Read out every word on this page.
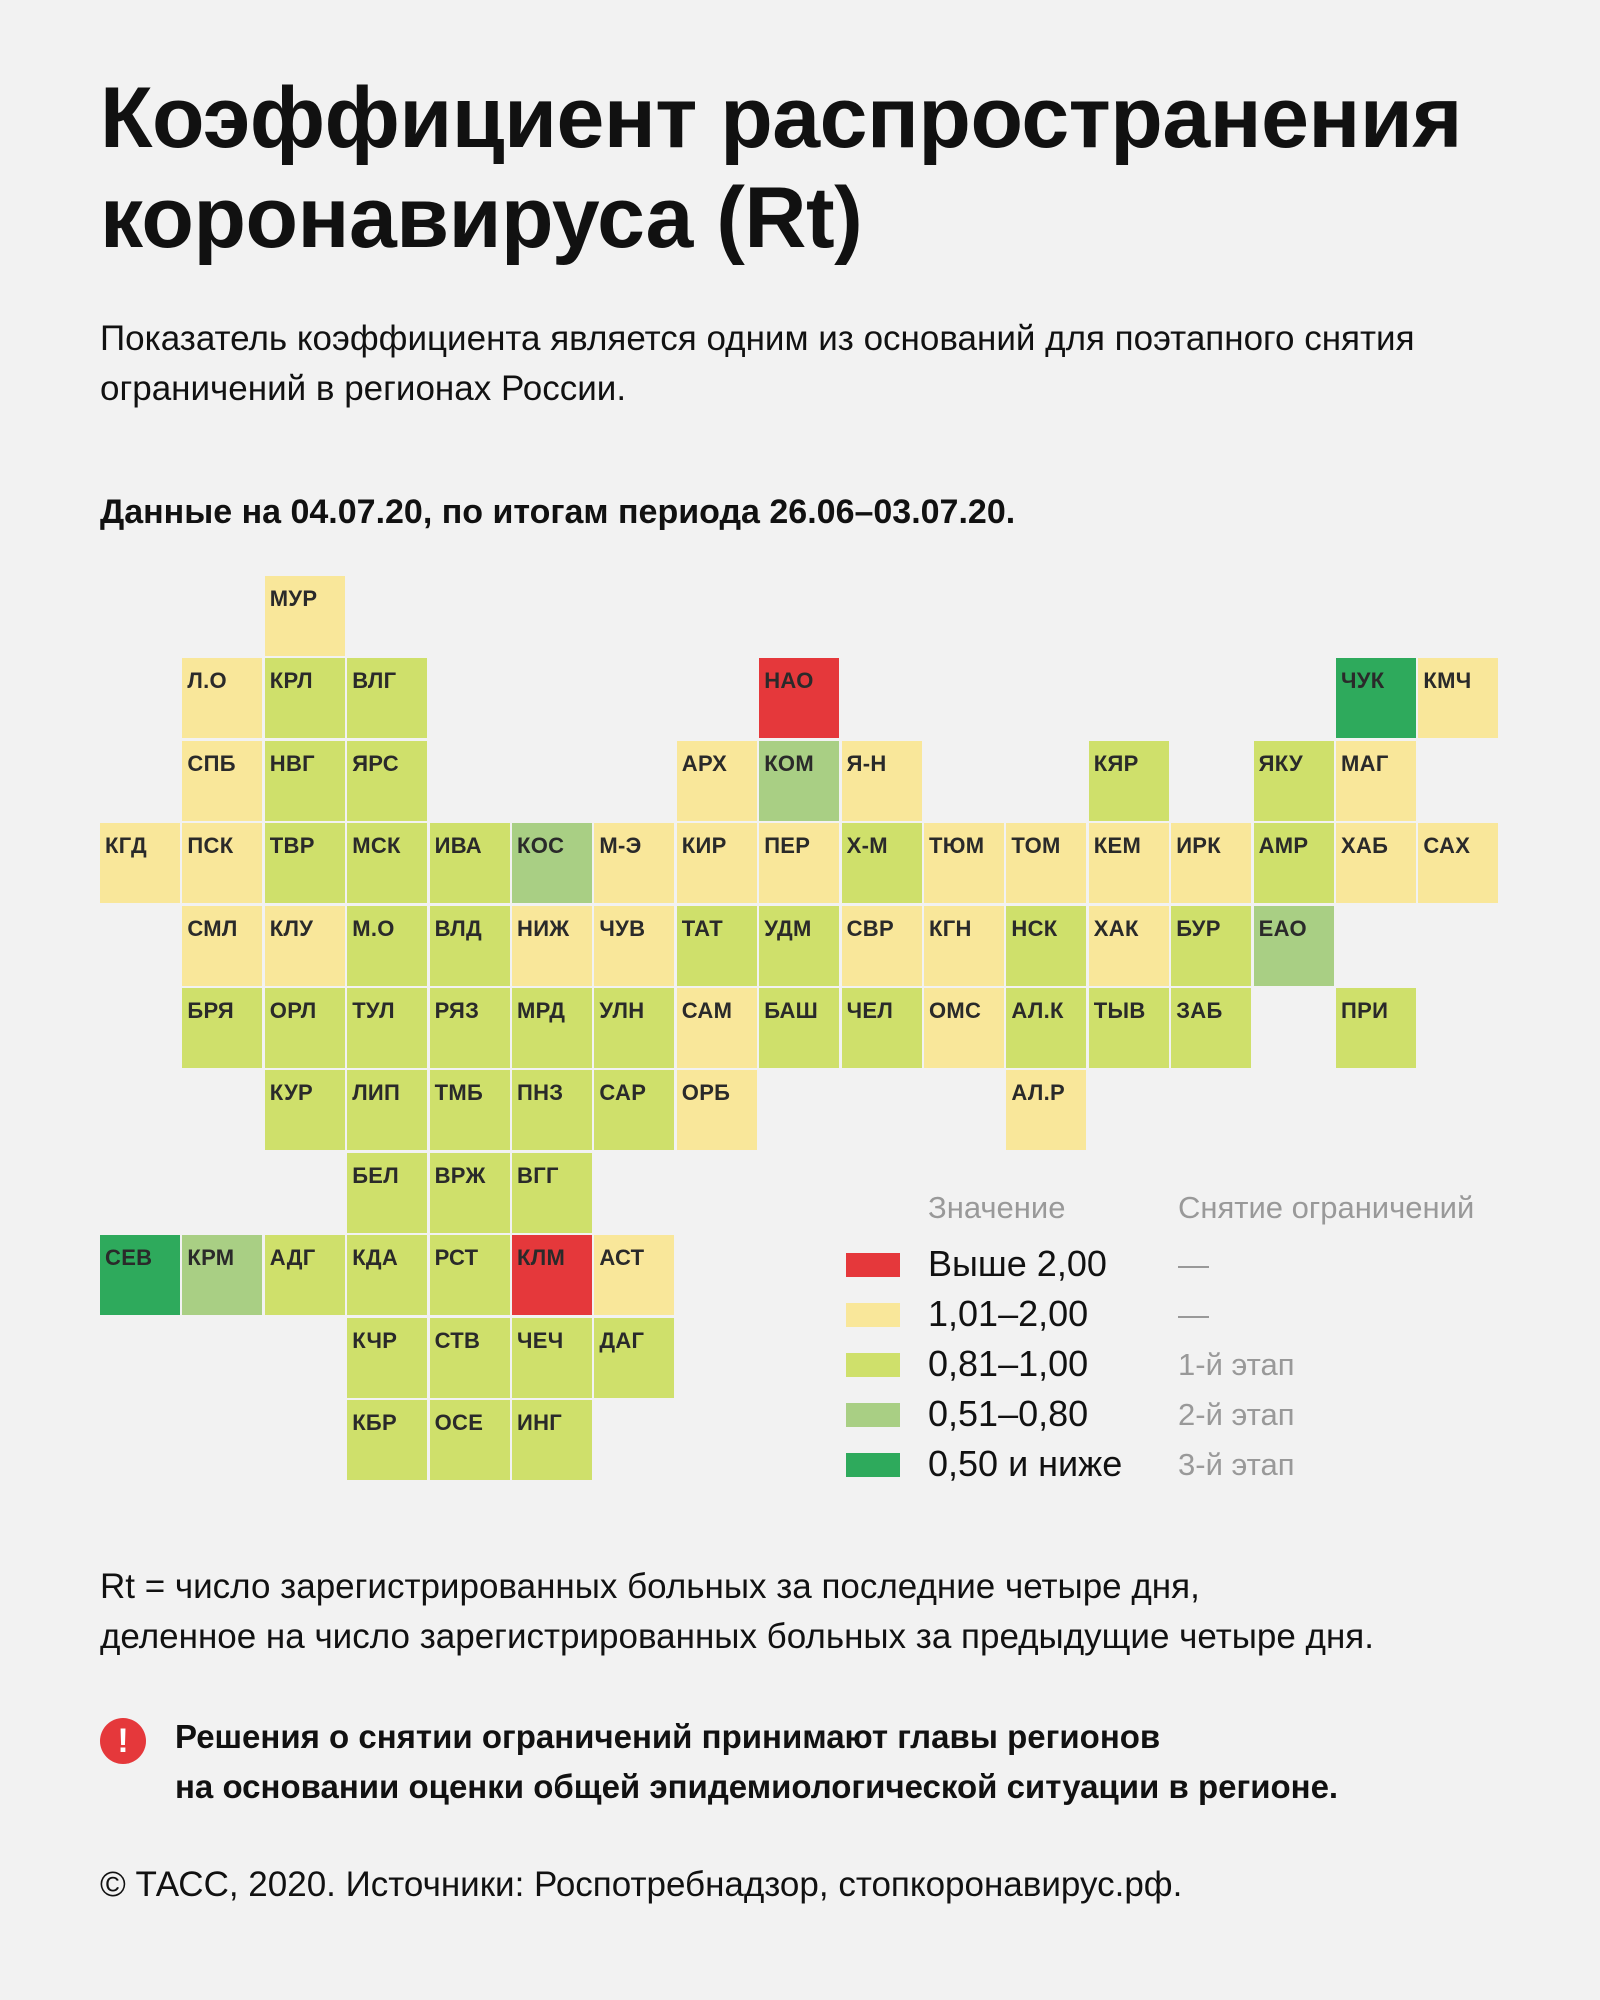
Коэффициент распространения коронавируса (Rt)
Показатель коэффициента является одним из оснований для поэтапного снятия ограничений в регионах России.
Данные на 04.07.20, по итогам периода 26.06–03.07.20.
МУР
Л.О	КРЛ	ВЛГ	НАО	ЧУК	КМЧ
СПБ	НВГ	ЯРС	АРХ	КОМ	Я-Н	КЯР	ЯКУ	МАГ
КГД	ПСК	ТВР	МСК	ИВА	КОС	М-Э	КИР	ПЕР	Х-М	ТЮМ	ТОМ	КЕМ	ИРК	АМР	ХАБ	САХ
СМЛ	КЛУ	М.О	ВЛД	НИЖ	ЧУВ	ТАТ	УДМ	СВР	КГН	НСК	ХАК	БУР	ЕАО
БРЯ	ОРЛ	ТУЛ	РЯЗ	МРД	УЛН	САМ	БАШ	ЧЕЛ	ОМС	АЛ.К	ТЫВ	ЗАБ	ПРИ
КУР	ЛИП	ТМБ	ПНЗ	САР	ОРБ	АЛ.Р
БЕЛ	ВРЖ	ВГГ
СЕВ	КРМ	АДГ	КДА	РСТ	КЛМ	АСТ
КЧР	СТВ	ЧЕЧ	ДАГ
КБР	ОСЕ	ИНГ
Значение	Снятие ограничений
Выше 2,00 —
1,01–2,00	—
0,81–1,00	1-й этап
0,51–0,80	2-й этап
0,50 и ниже 3-й этап
Rt = число зарегистрированных больных за последние четыре дня,
деленное на число зарегистрированных больных за предыдущие четыре дня.
!	Решения о снятии ограничений принимают главы регионов
на основании оценки общей эпидемиологической ситуации в регионе.
© ТАСС, 2020. Источники: Роспотребнадзор, стопкоронавирус.рф.
